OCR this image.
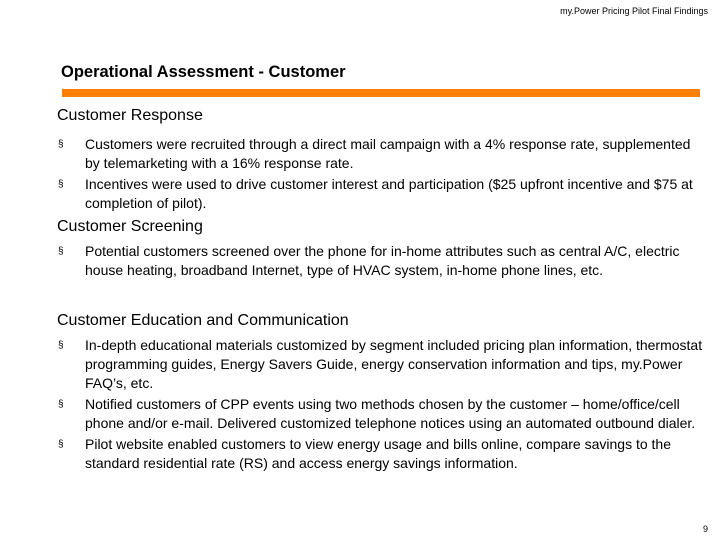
my.Power Pricing Pilot Final Findings
Operational Assessment - Customer
Customer Response
§ Customers were recruited through a direct mail campaign with a 4% response rate, supplemented by telemarketing with a 16% response rate.
§ Incentives were used to drive customer interest and participation ($25 upfront incentive and $75 at completion of pilot).
Customer Screening
§ Potential customers screened over the phone for in-home attributes such as central A/C, electric house heating, broadband Internet, type of HVAC system, in-home phone lines, etc.
Customer Education and Communication
§ In-depth educational materials customized by segment included pricing plan information, thermostat programming guides, Energy Savers Guide, energy conservation information and tips, my.Power FAQ’s, etc.
§ Notified customers of CPP events using two methods chosen by the customer – home/office/cell phone and/or e-mail. Delivered customized telephone notices using an automated outbound dialer.
§ Pilot website enabled customers to view energy usage and bills online, compare savings to the standard residential rate (RS) and access energy savings information.
9
